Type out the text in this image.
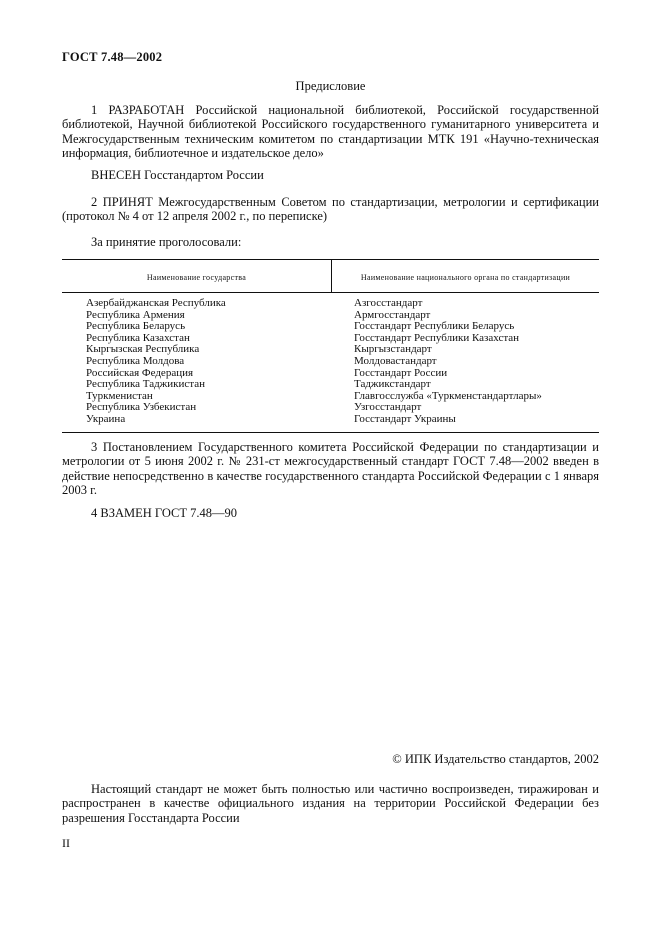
ГОСТ 7.48—2002
Предисловие
1 РАЗРАБОТАН Российской национальной библиотекой, Российской государственной библиотекой, Научной библиотекой Российского государственного гуманитарного университета и Межгосударственным техническим комитетом по стандартизации МТК 191 «Научно-техническая информация, библиотечное и издательское дело»
ВНЕСЕН Госстандартом России
2 ПРИНЯТ Межгосударственным Советом по стандартизации, метрологии и сертификации (протокол № 4 от 12 апреля 2002 г., по переписке)
За принятие проголосовали:
Наименование государства	Наименование национального органа по стандартизации
Азербайджанская Республика
Республика Армения
Республика Беларусь
Республика Казахстан
Кыргызская Республика
Республика Молдова
Российская Федерация
Республика Таджикистан
Туркменистан
Республика Узбекистан
Украина
Азгосстандарт
Армгосстандарт
Госстандарт Республики Беларусь
Госстандарт Республики Казахстан
Кыргызстандарт
Молдовастандарт
Госстандарт России
Таджикстандарт
Главгосслужба «Туркменстандартлары»
Узгосстандарт
Госстандарт Украины
3 Постановлением Государственного комитета Российской Федерации по стандартизации и метрологии от 5 июня 2002 г. № 231-ст межгосударственный стандарт ГОСТ 7.48—2002 введен в действие непосредственно в качестве государственного стандарта Российской Федерации с 1 января 2003 г.
4 ВЗАМЕН ГОСТ 7.48—90
© ИПК Издательство стандартов, 2002
Настоящий стандарт не может быть полностью или частично воспроизведен, тиражирован и распространен в качестве официального издания на территории Российской Федерации без разрешения Госстандарта России
II
